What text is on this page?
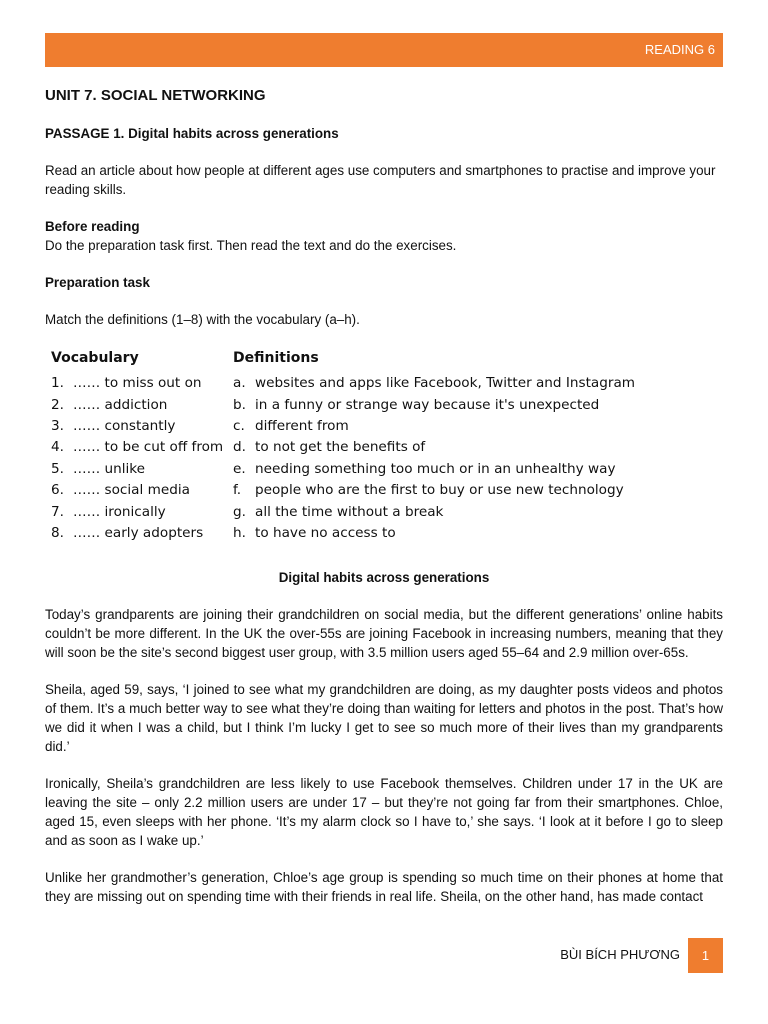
READING 6
UNIT 7. SOCIAL NETWORKING
PASSAGE 1. Digital habits across generations
Read an article about how people at different ages use computers and smartphones to practise and improve your reading skills.
Before reading
Do the preparation task first. Then read the text and do the exercises.
Preparation task
Match the definitions (1–8) with the vocabulary (a–h).
Vocabulary	Definitions
1. …… to miss out on	a. websites and apps like Facebook, Twitter and Instagram
2. …… addiction	b. in a funny or strange way because it's unexpected
3. …… constantly	c. different from
4. …… to be cut off from d. to not get the benefits of
5. …… unlike	e. needing something too much or in an unhealthy way
6. …… social media	f.	people who are the first to buy or use new technology
7. …… ironically	g. all the time without a break
8. …… early adopters	h. to have no access to
Digital habits across generations
Today’s grandparents are joining their grandchildren on social media, but the different generations’ online habits couldn’t be more different. In the UK the over-55s are joining Facebook in increasing numbers, meaning that they will soon be the site’s second biggest user group, with 3.5 million users aged 55–64 and 2.9 million over-65s.
Sheila, aged 59, says, ‘I joined to see what my grandchildren are doing, as my daughter posts videos and photos of them. It’s a much better way to see what they’re doing than waiting for letters and photos in the post. That’s how we did it when I was a child, but I think I’m lucky I get to see so much more of their lives than my grandparents did.’
Ironically, Sheila’s grandchildren are less likely to use Facebook themselves. Children under 17 in the UK are leaving the site – only 2.2 million users are under 17 – but they’re not going far from their smartphones. Chloe, aged 15, even sleeps with her phone. ‘It’s my alarm clock so I have to,’ she says. ‘I look at it before I go to sleep and as soon as I wake up.’
Unlike her grandmother’s generation, Chloe’s age group is spending so much time on their phones at home that they are missing out on spending time with their friends in real life. Sheila, on the other hand, has made contact
BÙI BÍCH PHƯƠNG	1
